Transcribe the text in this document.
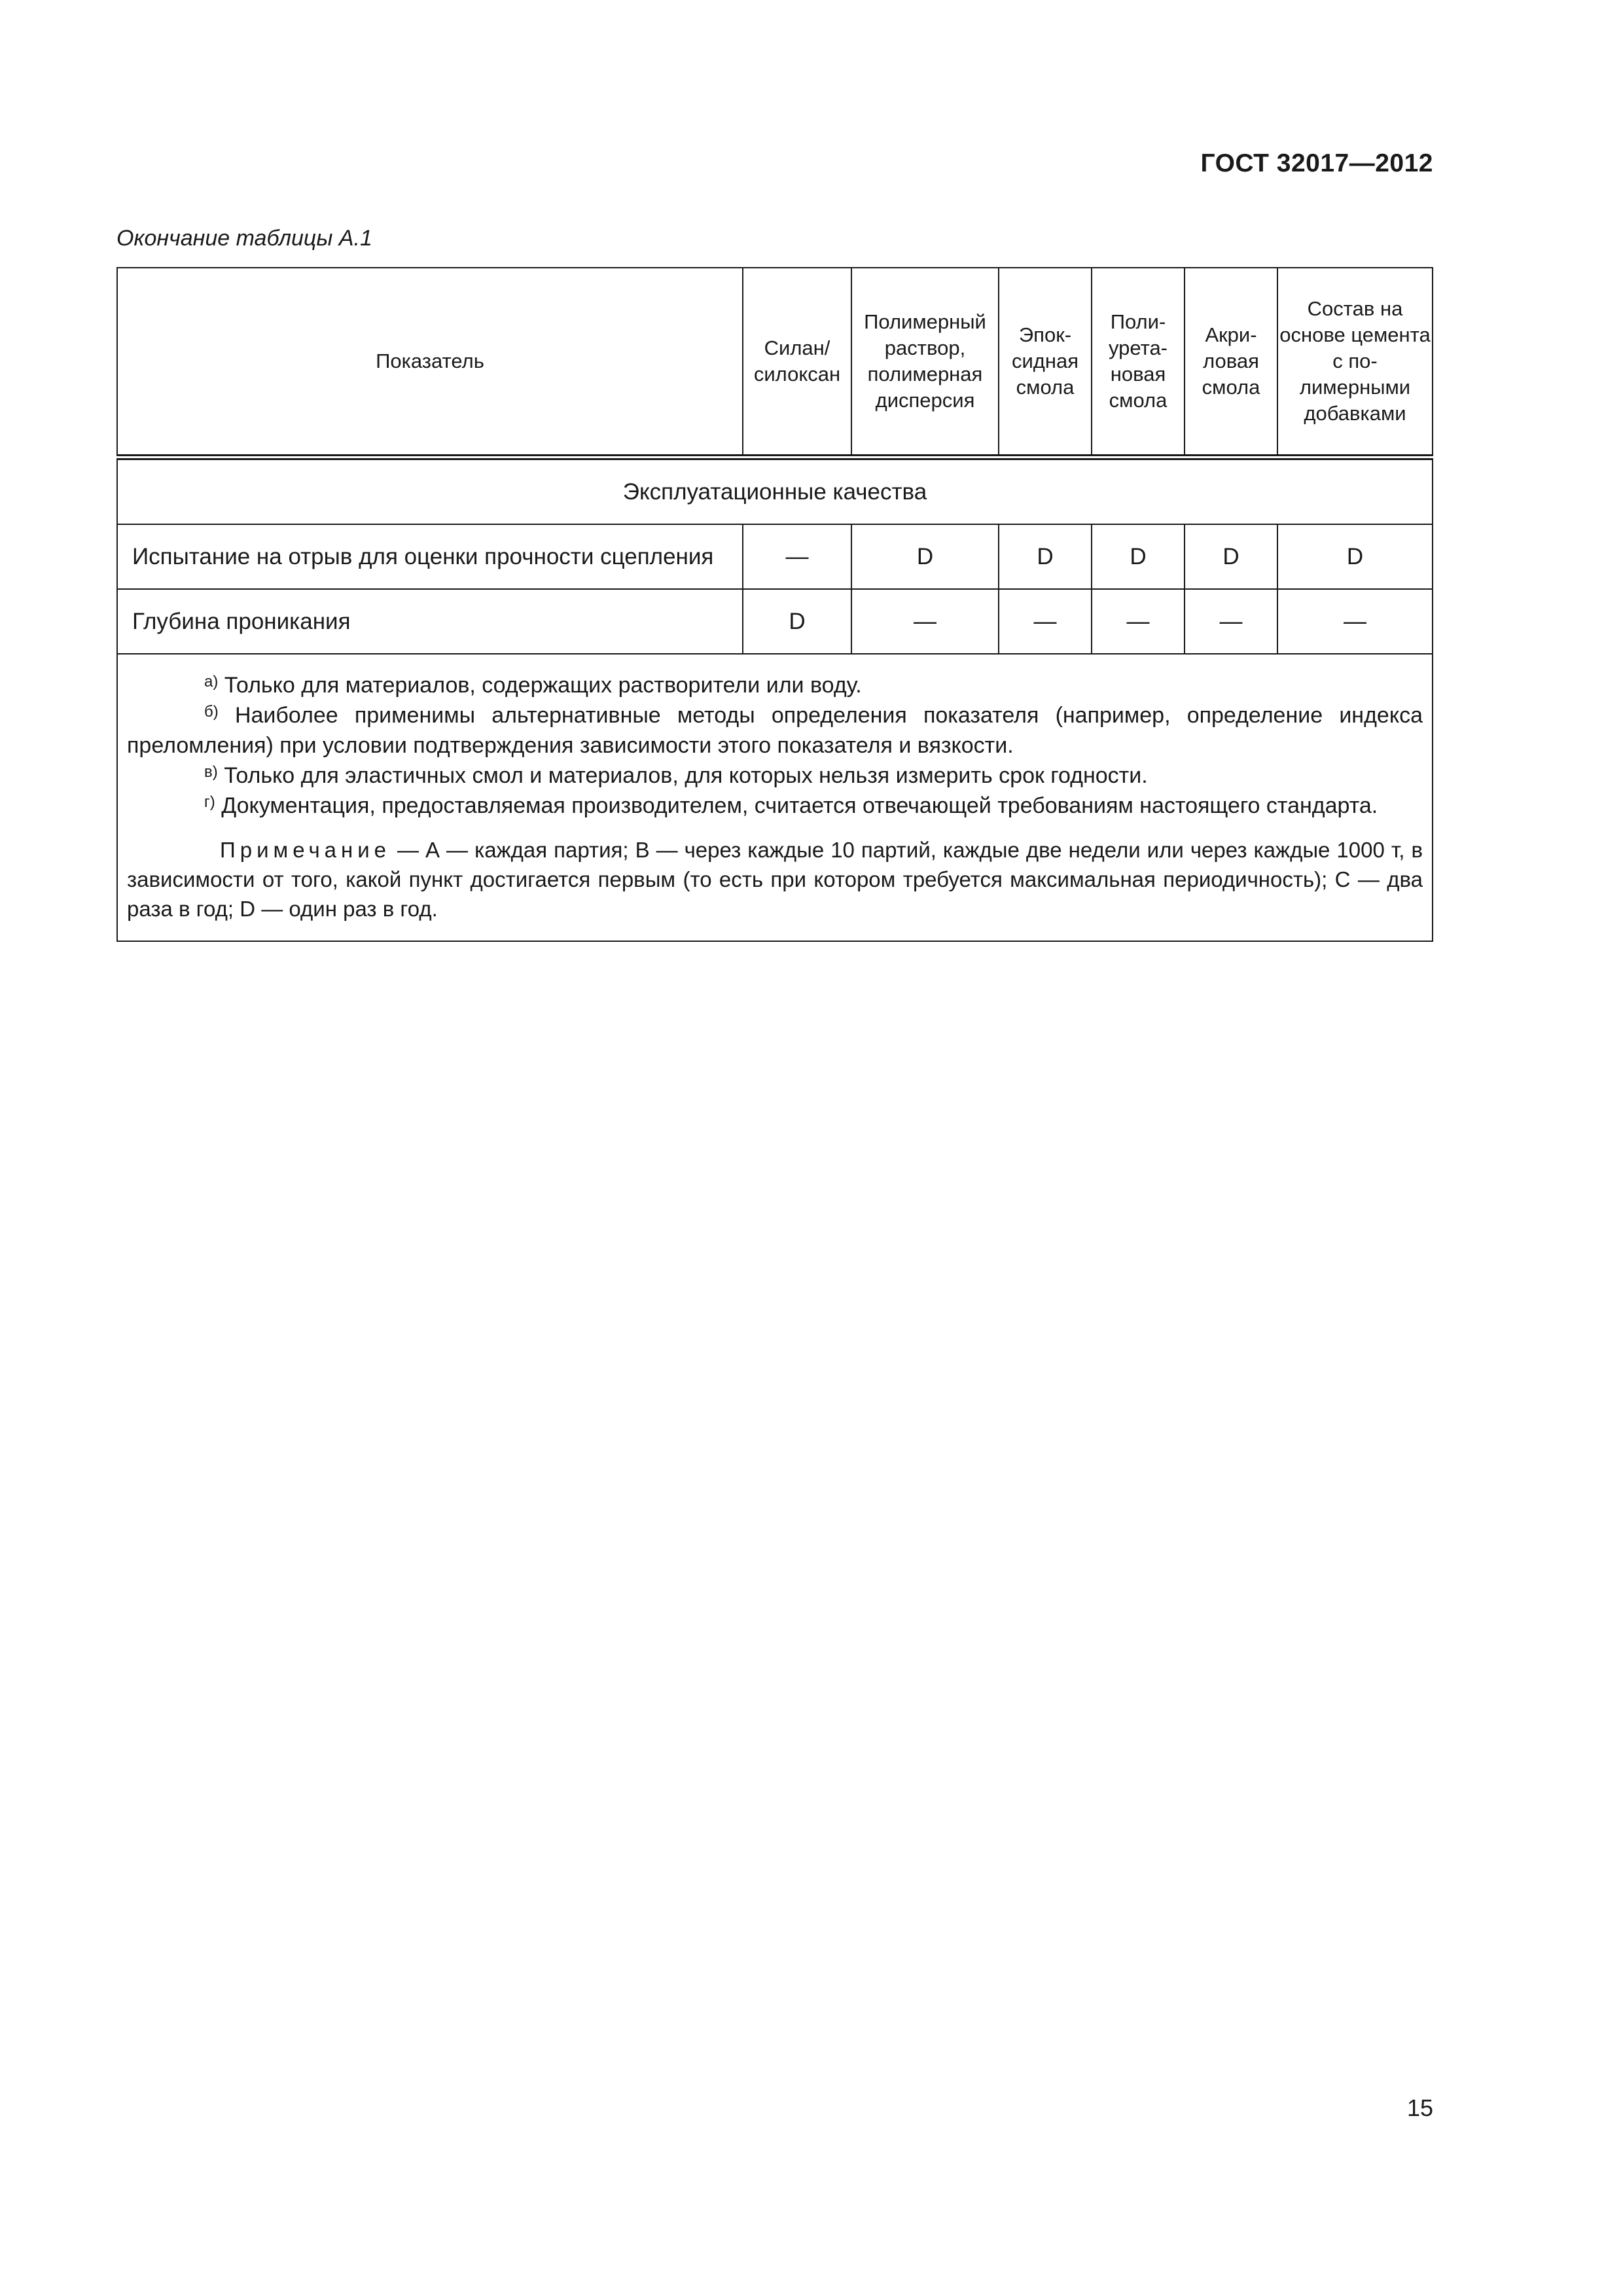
ГОСТ 32017—2012
Окончание таблицы А.1
Показатель	Силан/ силоксан	Полимерный раствор, полимерная дисперсия	Эпок-сидная смола	Поли-урета-новая смола	Акри-ловая смола	Состав на основе цемента с по-лимерными добавками
Эксплуатационные качества						
Испытание на отрыв для оценки прочности сцепления	—	D	D	D	D	D
Глубина проникания	D	—	—	—	—	—

$^{а)}$ Только для материалов, содержащих растворители или воду.

$^{б)}$ Наиболее применимы альтернативные методы определения показателя (например, определение индекса преломления) при условии подтверждения зависимости этого показателя и вязкости.

$^{в)}$ Только для эластичных смол и материалов, для которых нельзя измерить срок годности.

$^{г)}$ Документация, предоставляемая производителем, считается отвечающей требованиям настоящего стандарта.

Примечание — А — каждая партия; В — через каждые 10 партий, каждые две недели или через каждые 1000 т, в зависимости от того, какой пункт достигается первым (то есть при котором требуется максимальная периодичность); С — два раза в год; D — один раз в год.						

15
